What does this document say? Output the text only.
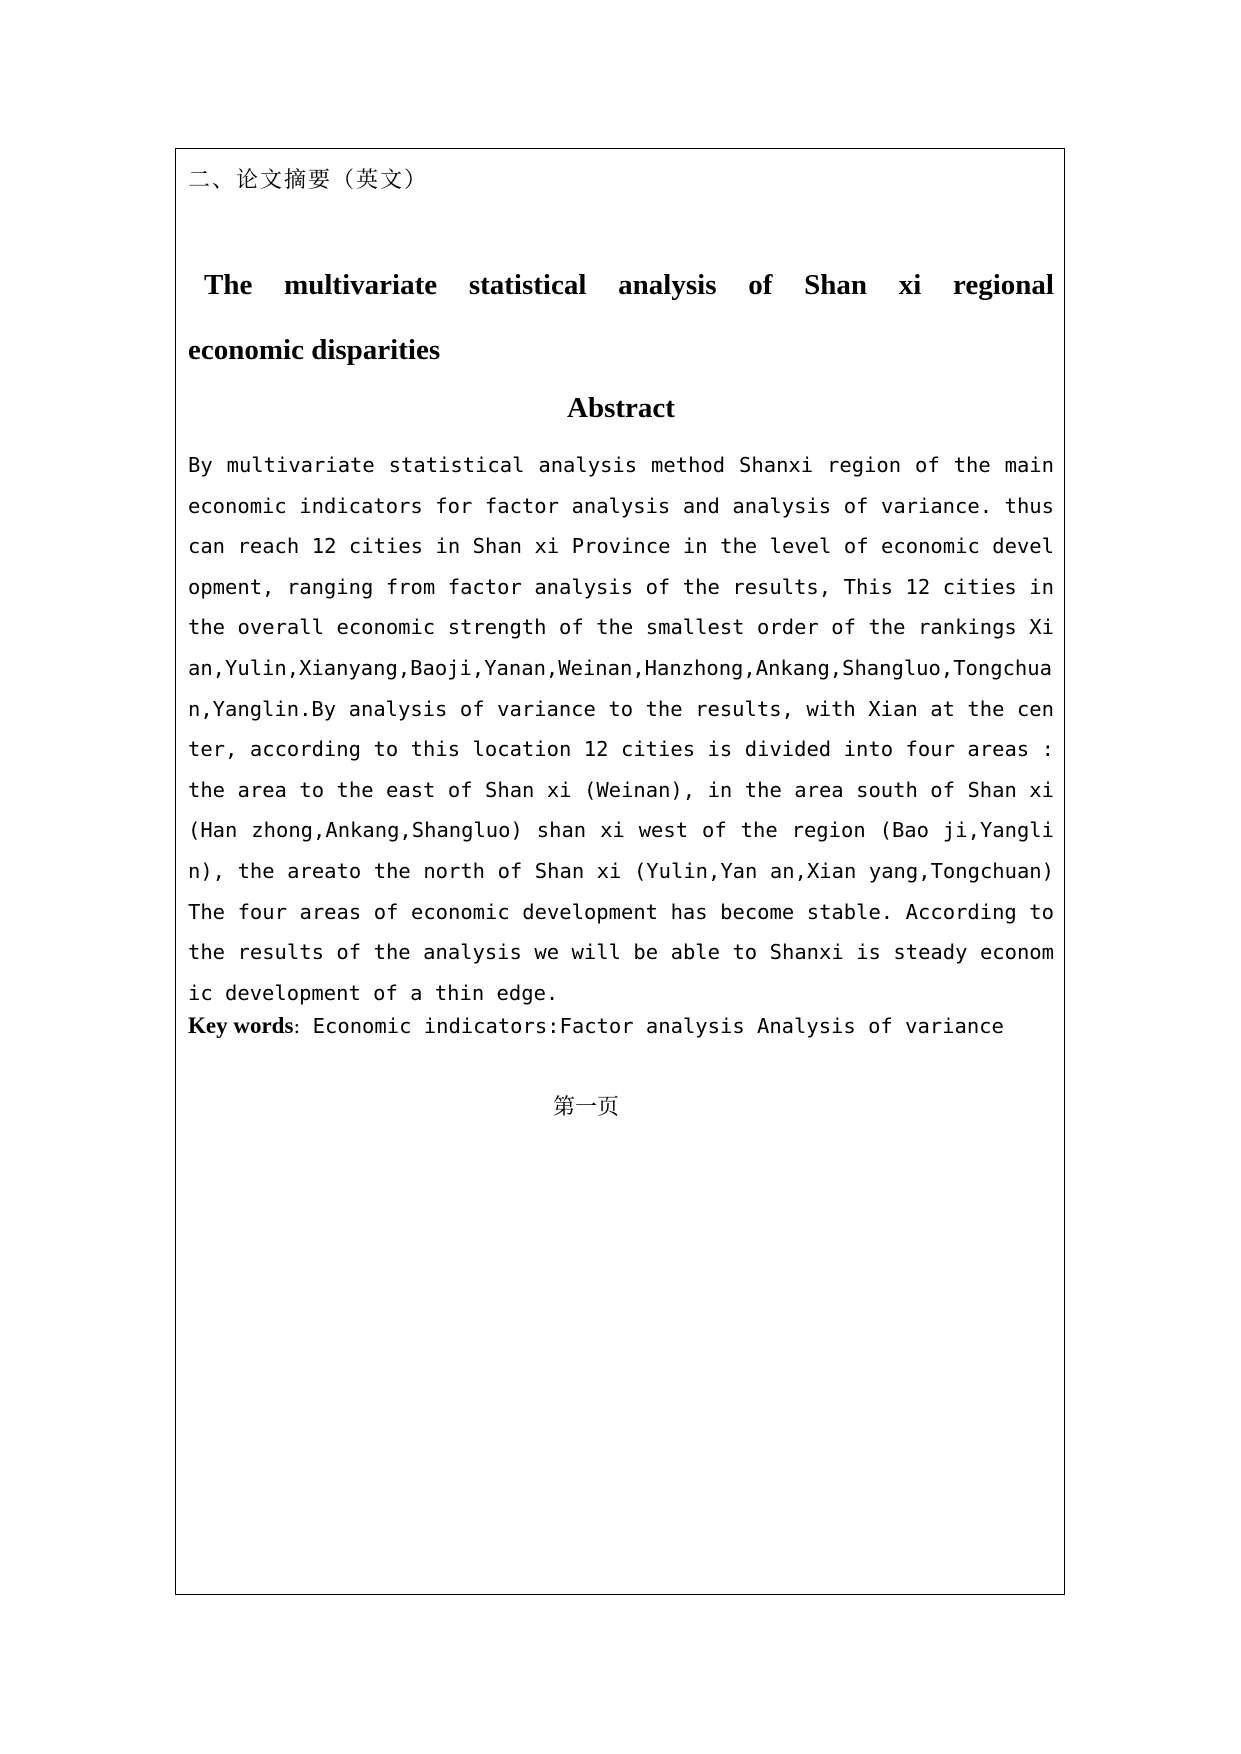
二、论文摘要（英文）
The multivariate statistical analysis of Shan xi regional
economic disparities
Abstract
By multivariate statistical analysis method Shanxi region of the main economic indicators for factor analysis and analysis of variance. thus can reach 12 cities in Shan xi Province in the level of economic development, ranging from factor analysis of the results, This 12 cities in the overall economic strength of the smallest order of the rankings Xian,Yulin,Xianyang,Baoji,Yanan,Weinan,Hanzhong,Ankang,Shangluo,Tongchuan,Yanglin.By analysis of variance to the results, with Xian at the center, according to this location 12 cities is divided into four areas : the area to the east of Shan xi (Weinan), in the area south of Shan xi (Han zhong,Ankang,Shangluo) shan xi west of the region (Bao ji,Yanglin), the areato the north of Shan xi (Yulin,Yan an,Xian yang,Tongchuan) The four areas of economic development has become stable. According to the results of the analysis we will be able to Shanxi is steady economic development of a thin edge.
Key words: Economic indicators:Factor analysis Analysis of variance
第一页
